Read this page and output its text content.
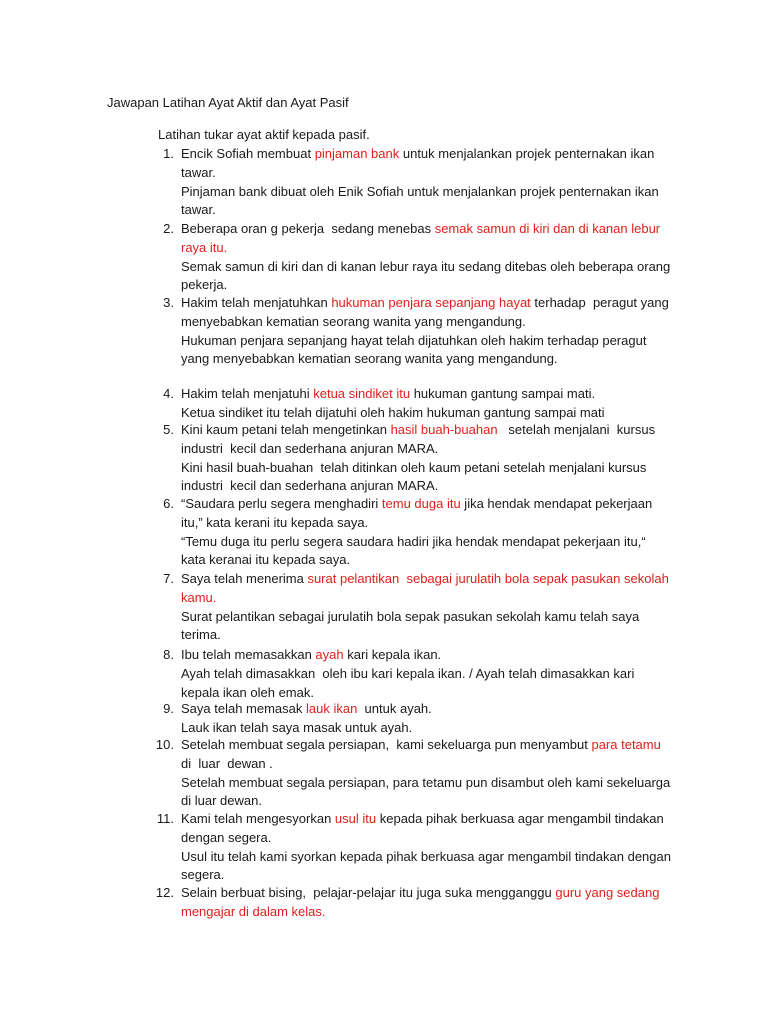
Jawapan Latihan Ayat Aktif dan Ayat Pasif
Latihan tukar ayat aktif kepada pasif.
1. Encik Sofiah membuat pinjaman bank untuk menjalankan projek penternakan ikan
tawar.
Pinjaman bank dibuat oleh Enik Sofiah untuk menjalankan projek penternakan ikan
tawar.
2. Beberapa oran g pekerja  sedang menebas semak samun di kiri dan di kanan lebur
raya itu.
Semak samun di kiri dan di kanan lebur raya itu sedang ditebas oleh beberapa orang
pekerja.
3. Hakim telah menjatuhkan hukuman penjara sepanjang hayat terhadap  peragut yang
menyebabkan kematian seorang wanita yang mengandung.
Hukuman penjara sepanjang hayat telah dijatuhkan oleh hakim terhadap peragut
yang menyebabkan kematian seorang wanita yang mengandung.
4. Hakim telah menjatuhi ketua sindiket itu hukuman gantung sampai mati.
Ketua sindiket itu telah dijatuhi oleh hakim hukuman gantung sampai mati
5. Kini kaum petani telah mengetinkan hasil buah-buahan   setelah menjalani  kursus
industri  kecil dan sederhana anjuran MARA.
Kini hasil buah-buahan  telah ditinkan oleh kaum petani setelah menjalani kursus
industri  kecil dan sederhana anjuran MARA.
6. “Saudara perlu segera menghadiri temu duga itu jika hendak mendapat pekerjaan
itu,” kata kerani itu kepada saya.
“Temu duga itu perlu segera saudara hadiri jika hendak mendapat pekerjaan itu,“
kata keranai itu kepada saya.
7. Saya telah menerima surat pelantikan  sebagai jurulatih bola sepak pasukan sekolah
kamu.
Surat pelantikan sebagai jurulatih bola sepak pasukan sekolah kamu telah saya
terima.
8. Ibu telah memasakkan ayah kari kepala ikan.
Ayah telah dimasakkan  oleh ibu kari kepala ikan. / Ayah telah dimasakkan kari
kepala ikan oleh emak.
9. Saya telah memasak lauk ikan  untuk ayah.
Lauk ikan telah saya masak untuk ayah.
10. Setelah membuat segala persiapan,  kami sekeluarga pun menyambut para tetamu
di  luar  dewan .
Setelah membuat segala persiapan, para tetamu pun disambut oleh kami sekeluarga
di luar dewan.
11. Kami telah mengesyorkan usul itu kepada pihak berkuasa agar mengambil tindakan
dengan segera.
Usul itu telah kami syorkan kepada pihak berkuasa agar mengambil tindakan dengan
segera.
12. Selain berbuat bising,  pelajar-pelajar itu juga suka mengganggu guru yang sedang
mengajar di dalam kelas.
